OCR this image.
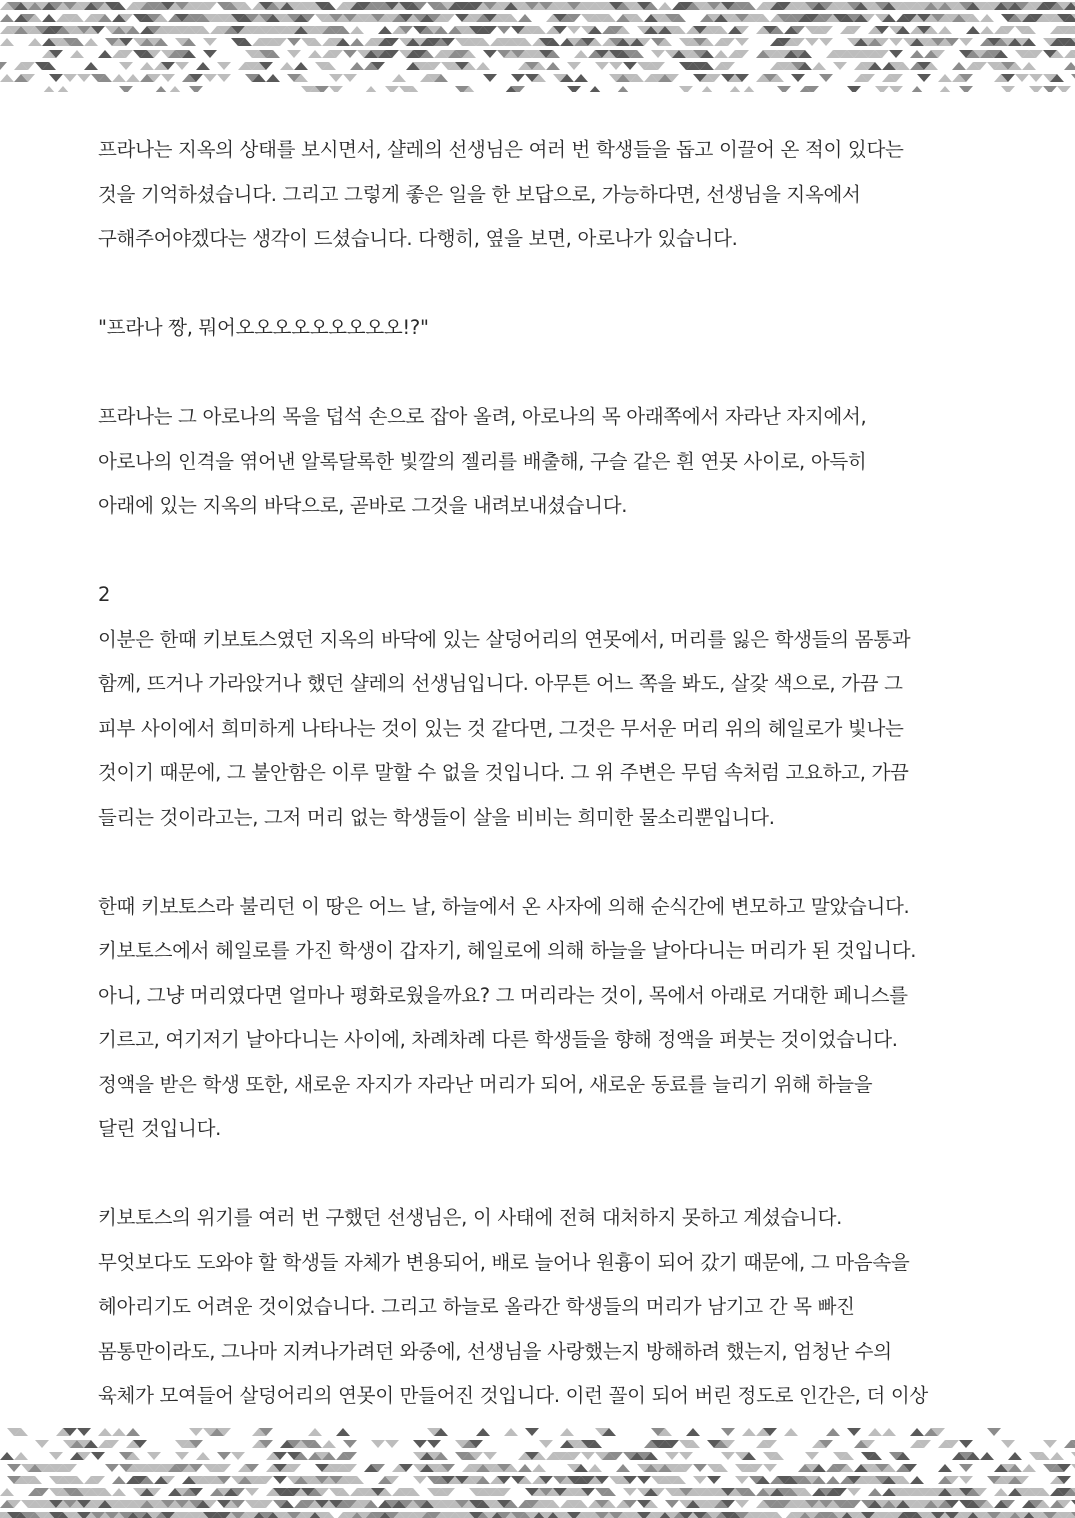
프라나는 지옥의 상태를 보시면서, 샬레의 선생님은 여러 번 학생들을 돕고 이끌어 온 적이 있다는
것을 기억하셨습니다. 그리고 그렇게 좋은 일을 한 보답으로, 가능하다면, 선생님을 지옥에서
구해주어야겠다는 생각이 드셨습니다. 다행히, 옆을 보면, 아로나가 있습니다.
"프라나 짱, 뭐어오오오오오오오오오!?"
프라나는 그 아로나의 목을 덥석 손으로 잡아 올려, 아로나의 목 아래쪽에서 자라난 자지에서,
아로나의 인격을 엮어낸 알록달록한 빛깔의 젤리를 배출해, 구슬 같은 흰 연못 사이로, 아득히
아래에 있는 지옥의 바닥으로, 곧바로 그것을 내려보내셨습니다.
2
이분은 한때 키보토스였던 지옥의 바닥에 있는 살덩어리의 연못에서, 머리를 잃은 학생들의 몸통과
함께, 뜨거나 가라앉거나 했던 샬레의 선생님입니다. 아무튼 어느 쪽을 봐도, 살갗 색으로, 가끔 그
피부 사이에서 희미하게 나타나는 것이 있는 것 같다면, 그것은 무서운 머리 위의 헤일로가 빛나는
것이기 때문에, 그 불안함은 이루 말할 수 없을 것입니다. 그 위 주변은 무덤 속처럼 고요하고, 가끔
들리는 것이라고는, 그저 머리 없는 학생들이 살을 비비는 희미한 물소리뿐입니다.
한때 키보토스라 불리던 이 땅은 어느 날, 하늘에서 온 사자에 의해 순식간에 변모하고 말았습니다.
키보토스에서 헤일로를 가진 학생이 갑자기, 헤일로에 의해 하늘을 날아다니는 머리가 된 것입니다.
아니, 그냥 머리였다면 얼마나 평화로웠을까요? 그 머리라는 것이, 목에서 아래로 거대한 페니스를
기르고, 여기저기 날아다니는 사이에, 차례차례 다른 학생들을 향해 정액을 퍼붓는 것이었습니다.
정액을 받은 학생 또한, 새로운 자지가 자라난 머리가 되어, 새로운 동료를 늘리기 위해 하늘을
달린 것입니다.
키보토스의 위기를 여러 번 구했던 선생님은, 이 사태에 전혀 대처하지 못하고 계셨습니다.
무엇보다도 도와야 할 학생들 자체가 변용되어, 배로 늘어나 원흉이 되어 갔기 때문에, 그 마음속을
헤아리기도 어려운 것이었습니다. 그리고 하늘로 올라간 학생들의 머리가 남기고 간 목 빠진
몸통만이라도, 그나마 지켜나가려던 와중에, 선생님을 사랑했는지 방해하려 했는지, 엄청난 수의
육체가 모여들어 살덩어리의 연못이 만들어진 것입니다. 이런 꼴이 되어 버린 정도로 인간은, 더 이상
